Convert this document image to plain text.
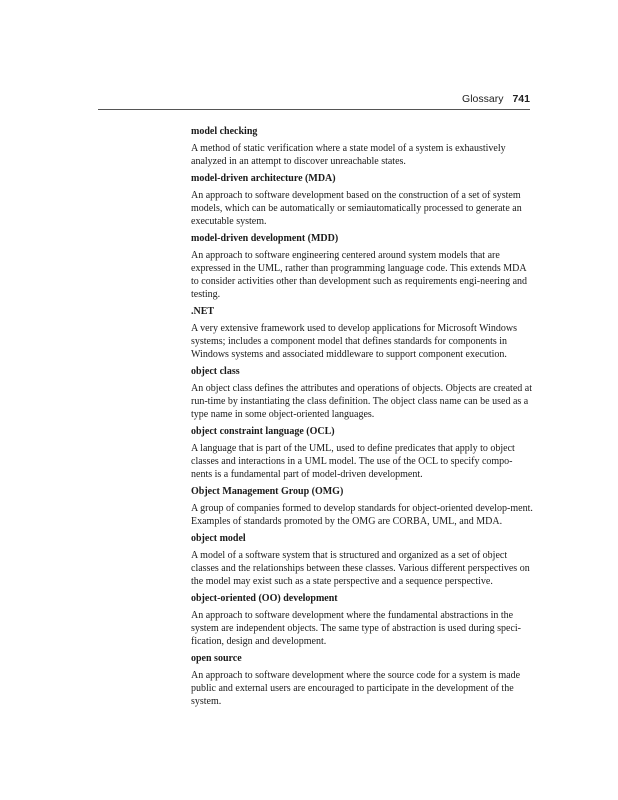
Glossary 741

model checking

A method of static verification where a state model of a system is exhaustively analyzed in an attempt to discover unreachable states.

model-driven architecture (MDA)

An approach to software development based on the construction of a set of system models, which can be automatically or semiautomatically processed to generate an executable system.

model-driven development (MDD)

An approach to software engineering centered around system models that are expressed in the UML, rather than programming language code. This extends MDA to consider activities other than development such as requirements engi-neering and testing.

.NET

A very extensive framework used to develop applications for Microsoft Windows systems; includes a component model that defines standards for components in Windows systems and associated middleware to support component execution.

object class

An object class defines the attributes and operations of objects. Objects are created at run-time by instantiating the class definition. The object class name can be used as a type name in some object-oriented languages.

object constraint language (OCL)

A language that is part of the UML, used to define predicates that apply to object classes and interactions in a UML model. The use of the OCL to specify compo-nents is a fundamental part of model-driven development.

Object Management Group (OMG)

A group of companies formed to develop standards for object-oriented develop-ment. Examples of standards promoted by the OMG are CORBA, UML, and MDA.

object model

A model of a software system that is structured and organized as a set of object classes and the relationships between these classes. Various different perspectives on the model may exist such as a state perspective and a sequence perspective.

object-oriented (OO) development

An approach to software development where the fundamental abstractions in the system are independent objects. The same type of abstraction is used during speci-fication, design and development.

open source

An approach to software development where the source code for a system is made public and external users are encouraged to participate in the development of the system.
